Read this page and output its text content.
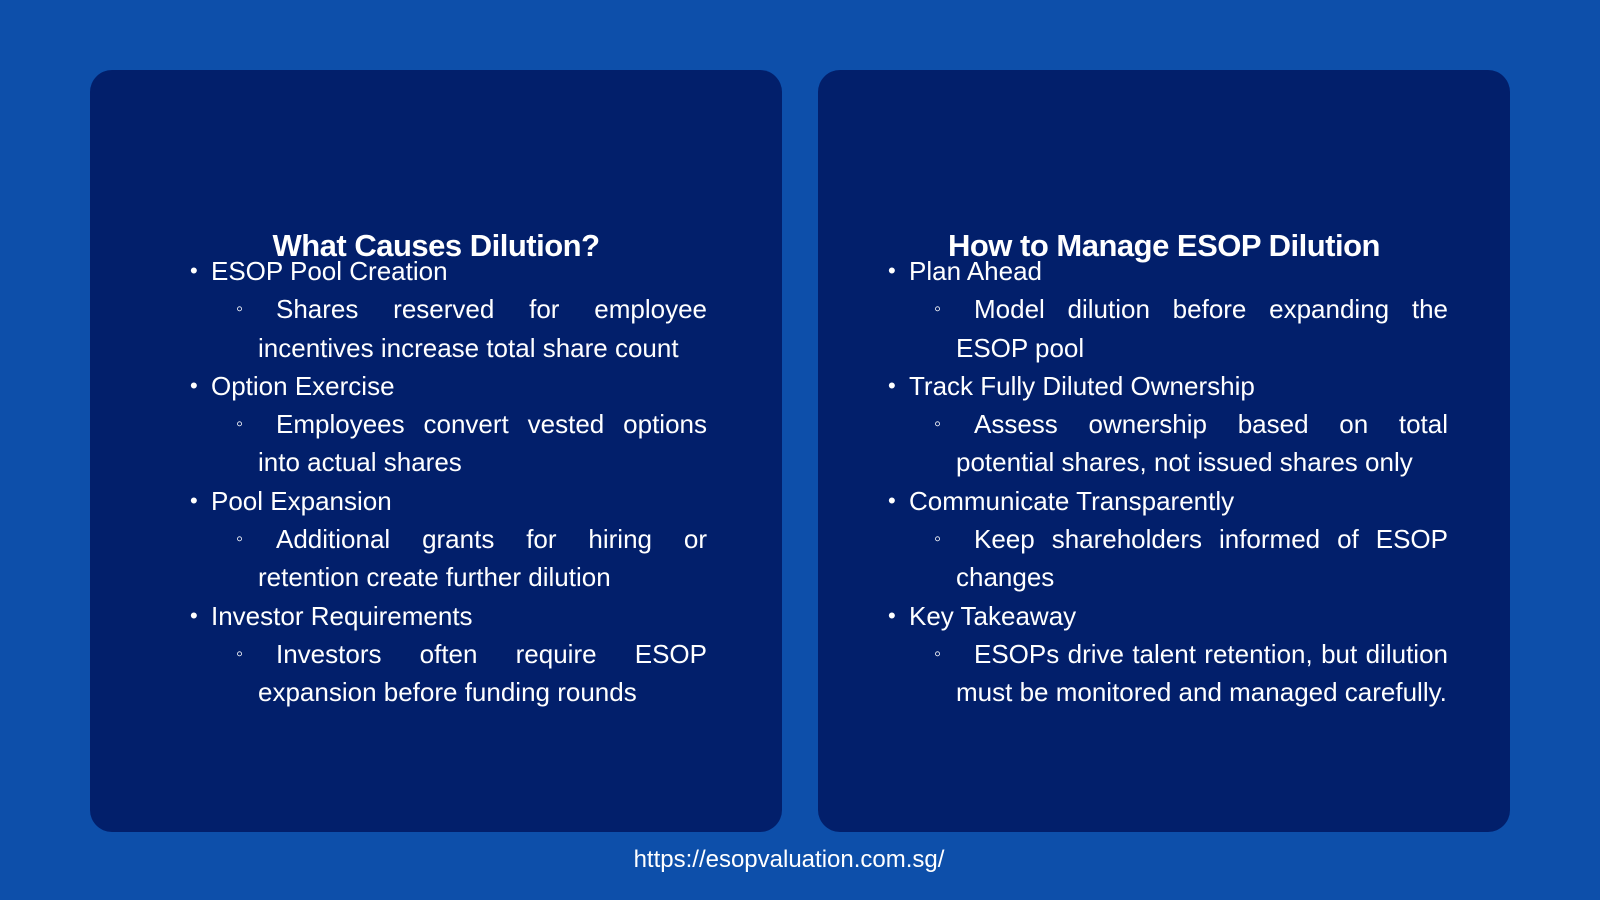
What Causes Dilution?
• ESOP Pool Creation
◦ Shares reserved for employee incentives increase total share count
• Option Exercise
◦ Employees convert vested options into actual shares
• Pool Expansion
◦ Additional grants for hiring or retention create further dilution
• Investor Requirements
◦ Investors often require ESOP expansion before funding rounds
How to Manage ESOP Dilution
• Plan Ahead
◦ Model dilution before expanding the ESOP pool
• Track Fully Diluted Ownership
◦ Assess ownership based on total potential shares, not issued shares only
• Communicate Transparently
◦ Keep shareholders informed of ESOP changes
• Key Takeaway
◦ ESOPs drive talent retention, but dilution must be monitored and managed carefully.
https://esopvaluation.com.sg/
